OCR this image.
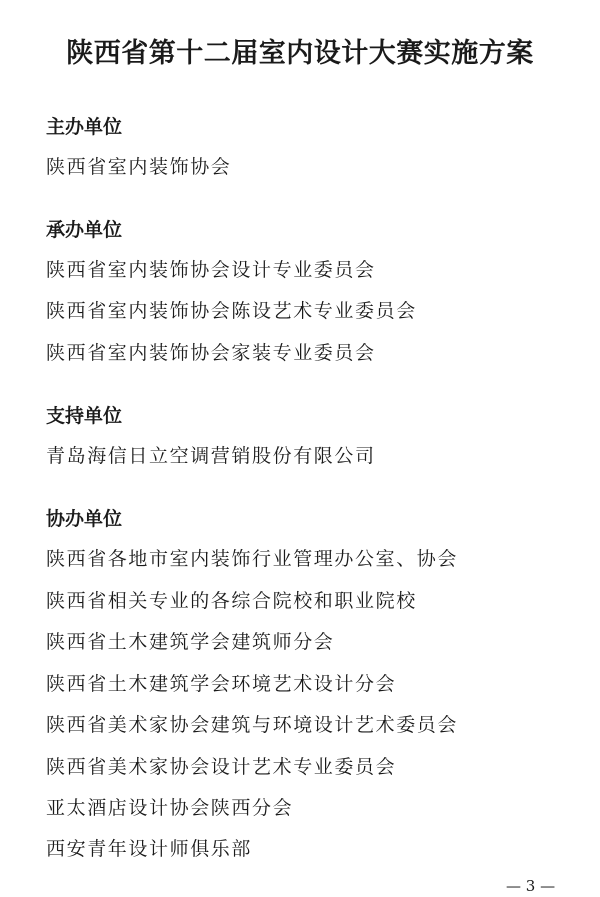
陕西省第十二届室内设计大赛实施方案
主办单位

陕西省室内装饰协会

承办单位

陕西省室内装饰协会设计专业委员会

陕西省室内装饰协会陈设艺术专业委员会

陕西省室内装饰协会家装专业委员会

支持单位

青岛海信日立空调营销股份有限公司

协办单位

陕西省各地市室内装饰行业管理办公室、协会

陕西省相关专业的各综合院校和职业院校

陕西省土木建筑学会建筑师分会

陕西省土木建筑学会环境艺术设计分会

陕西省美术家协会建筑与环境设计艺术委员会

陕西省美术家协会设计艺术专业委员会

亚太酒店设计协会陕西分会

西安青年设计师俱乐部

— 3 —
